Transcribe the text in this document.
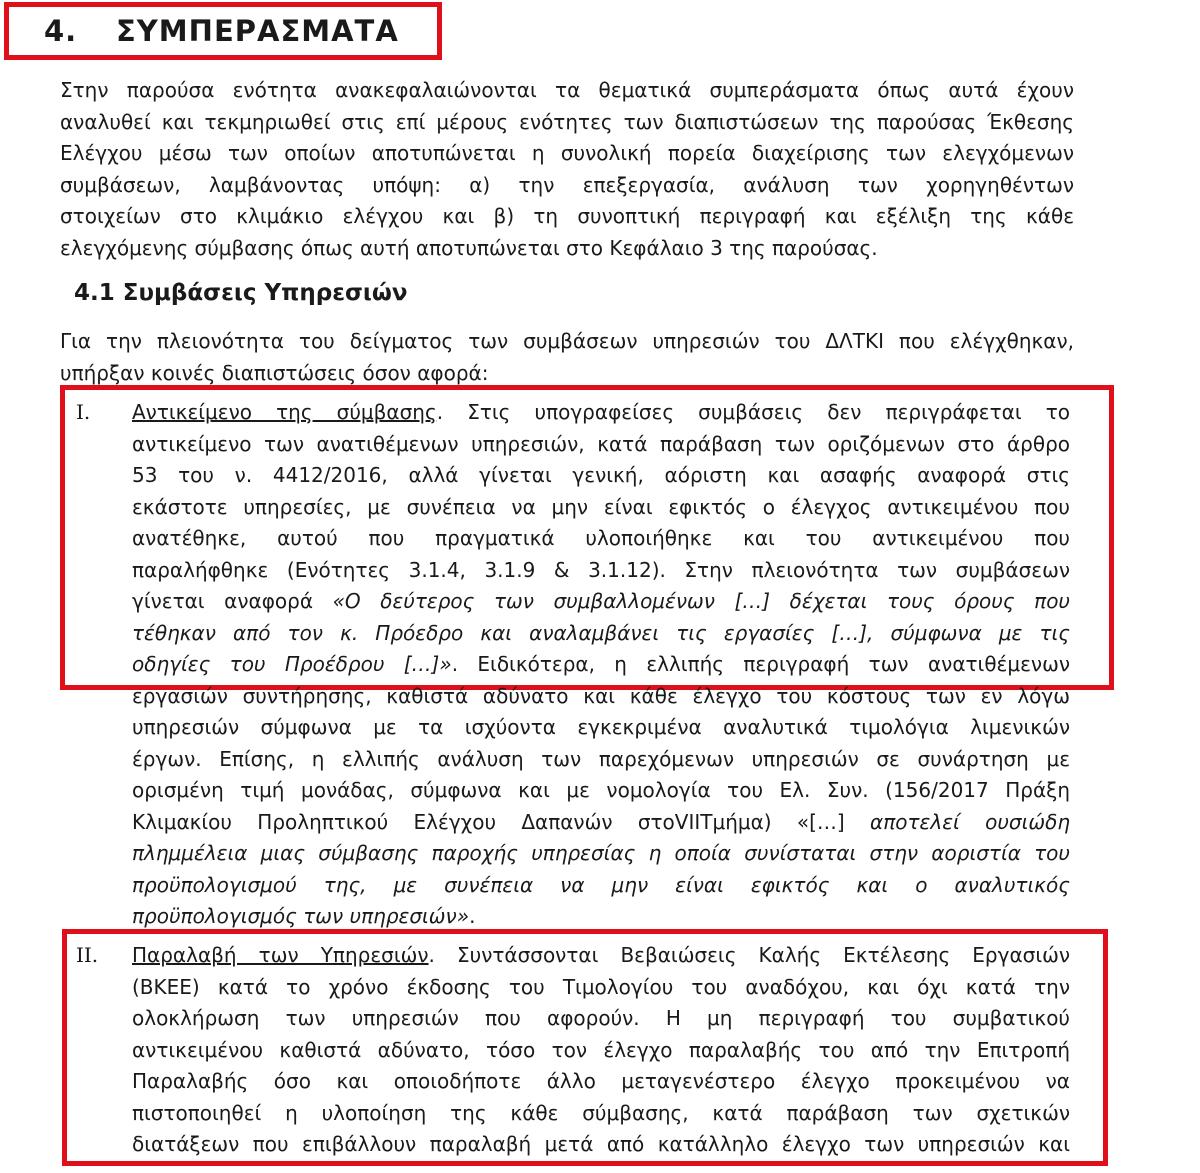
4. ΣΥΜΠΕΡΑΣΜΑΤΑ
Στην παρούσα ενότητα ανακεφαλαιώνονται τα θεματικά συμπεράσματα όπως αυτά έχουν
αναλυθεί και τεκμηριωθεί στις επί μέρους ενότητες των διαπιστώσεων της παρούσας Έκθεσης
Ελέγχου μέσω των οποίων αποτυπώνεται η συνολική πορεία διαχείρισης των ελεγχόμενων
συμβάσεων, λαμβάνοντας υπόψη: α) την επεξεργασία, ανάλυση των χορηγηθέντων
στοιχείων στο κλιμάκιο ελέγχου και β) τη συνοπτική περιγραφή και εξέλιξη της κάθε
ελεγχόμενης σύμβασης όπως αυτή αποτυπώνεται στο Κεφάλαιο 3 της παρούσας.
4.1 Συμβάσεις Υπηρεσιών
Για την πλειονότητα του δείγματος των συμβάσεων υπηρεσιών του ΔΛΤΚΙ που ελέγχθηκαν,
υπήρξαν κοινές διαπιστώσεις όσον αφορά:
I.	Αντικείμενο της σύμβασης. Στις υπογραφείσες συμβάσεις δεν περιγράφεται το
αντικείμενο των ανατιθέμενων υπηρεσιών, κατά παράβαση των οριζόμενων στο άρθρο
53 του ν. 4412/2016, αλλά γίνεται γενική, αόριστη και ασαφής αναφορά στις
εκάστοτε υπηρεσίες, με συνέπεια να μην είναι εφικτός ο έλεγχος αντικειμένου που
ανατέθηκε, αυτού που πραγματικά υλοποιήθηκε και του αντικειμένου που
παραλήφθηκε (Ενότητες 3.1.4, 3.1.9 & 3.1.12). Στην πλειονότητα των συμβάσεων
γίνεται αναφορά «Ο δεύτερος των συμβαλλομένων […] δέχεται τους όρους που
τέθηκαν από τον κ. Πρόεδρο και αναλαμβάνει τις εργασίες […], σύμφωνα με τις
οδηγίες του Προέδρου […]». Ειδικότερα, η ελλιπής περιγραφή των ανατιθέμενων
εργασιών συντήρησης, καθιστά αδύνατο και κάθε έλεγχο του κόστους των εν λόγω
υπηρεσιών σύμφωνα με τα ισχύοντα εγκεκριμένα αναλυτικά τιμολόγια λιμενικών
έργων. Επίσης, η ελλιπής ανάλυση των παρεχόμενων υπηρεσιών σε συνάρτηση με
ορισμένη τιμή μονάδας, σύμφωνα και με νομολογία του Ελ. Συν. (156/2017 Πράξη
Κλιμακίου Προληπτικού Ελέγχου Δαπανών στοVIIΤμήμα) «[…] αποτελεί ουσιώδη
πλημμέλεια μιας σύμβασης παροχής υπηρεσίας η οποία συνίσταται στην αοριστία του
προϋπολογισμού της, με συνέπεια να μην είναι εφικτός και ο αναλυτικός
προϋπολογισμός των υπηρεσιών».
II.	Παραλαβή των Υπηρεσιών. Συντάσσονται Βεβαιώσεις Καλής Εκτέλεσης Εργασιών
(ΒΚΕΕ) κατά το χρόνο έκδοσης του Τιμολογίου του αναδόχου, και όχι κατά την
ολοκλήρωση των υπηρεσιών που αφορούν. Η μη περιγραφή του συμβατικού
αντικειμένου καθιστά αδύνατο, τόσο τον έλεγχο παραλαβής του από την Επιτροπή
Παραλαβής όσο και οποιοδήποτε άλλο μεταγενέστερο έλεγχο προκειμένου να
πιστοποιηθεί η υλοποίηση της κάθε σύμβασης, κατά παράβαση των σχετικών
διατάξεων που επιβάλλουν παραλαβή μετά από κατάλληλο έλεγχο των υπηρεσιών και
